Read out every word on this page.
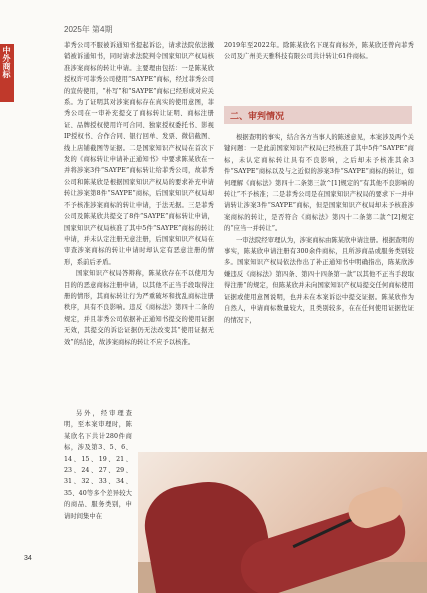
2025年 第4期
中外商标

菲秀公司不服被诉通知书提起诉讼，请求法院依法撤销被诉通知书，同时请求法院判令国家知识产权局核准涉案商标的转让申请。主要理由包括：一是陈某欣授权许可菲秀公司使用“SAYPE”商标，经过菲秀公司的宣传使用，“朴写”和“SAYPE”商标已经形成对应关系。为了证明其对涉案商标存在真实的使用意图，菲秀公司在一审补充提交了商标转让证明、商标注册证、品牌授权使用许可合同、独家授权委托书、影视IP授权书、合作合同、银行回单、发票、微信截图、线上店铺截图等证据。二是国家知识产权局在首次下发的《商标转让申请补正通知书》中要求陈某欣在一并将涉案3件“SAYPE”商标转让给菲秀公司，故菲秀公司和陈某欣是根据国家知识产权局的要求补充申请转让涉案第8件“SAYPE”商标，后国家知识产权局却不予核准涉案商标的转让申请，于法无据。三是菲秀公司及陈某欣共提交了8件“SAYPE”商标转让申请，国家知识产权局核准了其中5件“SAYPE”商标的转让申请，并未认定注册无意注册，后国家知识产权局在审查涉案商标的转让申请时却认定有恶意注册的情形，系前后矛盾。

国家知识产权局答辩称，陈某欣存在不以使用为目的的恶意商标注册申请，以其他不正当手段取得注册的情形，其商标转让行为严重破坏和扰乱商标注册秩序，具有不良影响。违反《商标法》第四十二条的规定，并且菲秀公司依据补正通知书提交的使用证据无效，其提交的诉讼证据仍无法改变其“使用证据无效”的结论，故涉案商标的转让不应予以核准。

另外，经审理查明，至本案审理时，陈某欣名下共计280件商标，涉及第3、5、6、14、15、19、21、23、24、27、29、31、32、33、34、35、40等多个差异较大的商品、服务类别，申请时间集中在

2019年至2022年。除陈某欣名下现有商标外，陈某欣还曾向菲秀公司及广州美天雅科技有限公司共计转让61件商标。

二、审判情况

根据查明的事实，结合各方当事人的陈述意见，本案涉及两个关键问题：一是此前国家知识产权局已经核准了其中5件“SAYPE”商标，未认定商标转让具有不良影响，之后却未予核准其余3件“SAYPE”商标以及与之近似的涉案3件“SAYPE”商标的转让，如何理解《商标法》第四十二条第三款^[1]规定的“有其他不良影响的转让”不予核准；二是菲秀公司是在国家知识产权局的要求下一并申请转让涉案3件“SAYPE”商标，但是国家知识产权局却未予核准涉案商标的转让，是否符合《商标法》第四十二条第二款^[2]规定的“应当一并转让”。

一审法院经审理认为，涉案商标由陈某欣申请注册。根据查明的事实，陈某欣申请注册有300余件商标，且所涉商品或服务类别较多。国家知识产权局依法作出了补正通知书中明确指出，陈某欣涉嫌违反《商标法》第四条、第四十四条第一款“以其他不正当手段取得注册”的规定，但陈某欣并未向国家知识产权局提交任何商标使用证据或使用意图说明，也并未在本案诉讼中提交证据。陈某欣作为自然人，申请商标数量较大，且类别较多，在在任何使用证据佐证的情况下，

34
